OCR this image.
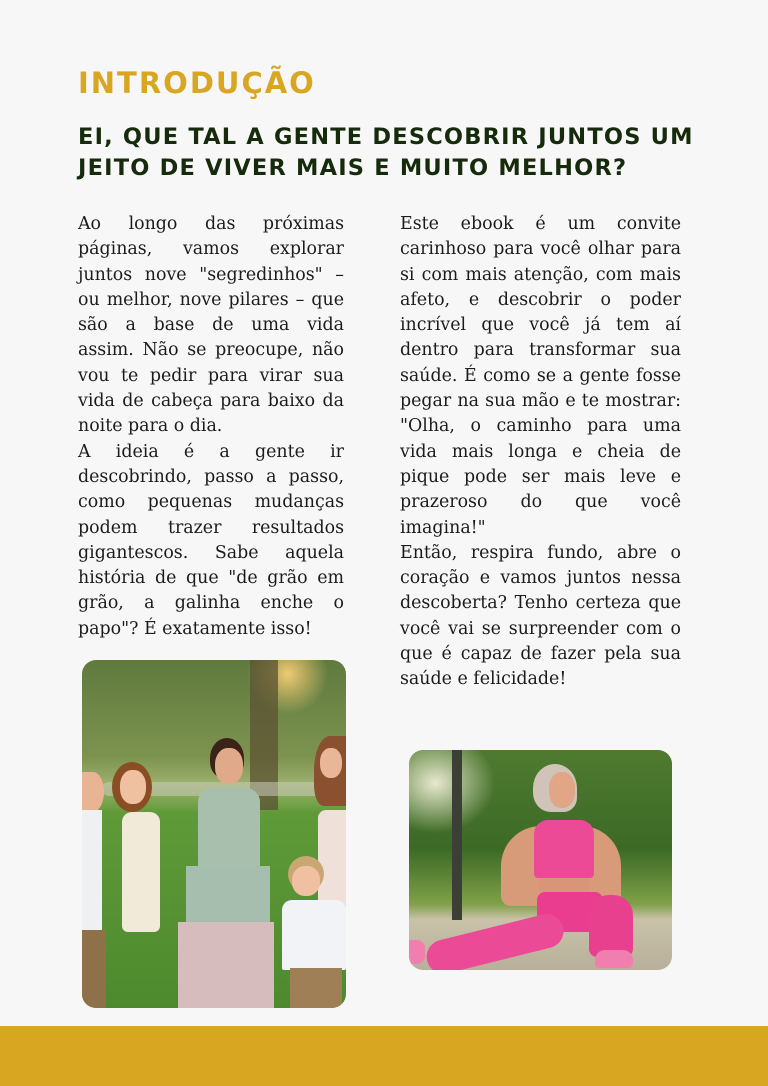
INTRODUÇÃO
EI, QUE TAL A GENTE DESCOBRIR JUNTOS UM JEITO DE VIVER MAIS E MUITO MELHOR?

Ao longo das próximas páginas, vamos explorar juntos nove "segredinhos" – ou melhor, nove pilares – que são a base de uma vida assim. Não se preocupe, não vou te pedir para virar sua vida de cabeça para baixo da noite para o dia.

A ideia é a gente ir descobrindo, passo a passo, como pequenas mudanças podem trazer resultados gigantescos. Sabe aquela história de que "de grão em grão, a galinha enche o papo"? É exatamente isso!

Este ebook é um convite carinhoso para você olhar para si com mais atenção, com mais afeto, e descobrir o poder incrível que você já tem aí dentro para transformar sua saúde. É como se a gente fosse pegar na sua mão e te mostrar: "Olha, o caminho para uma vida mais longa e cheia de pique pode ser mais leve e prazeroso do que você imagina!"

Então, respira fundo, abre o coração e vamos juntos nessa descoberta? Tenho certeza que você vai se surpreender com o que é capaz de fazer pela sua saúde e felicidade!
